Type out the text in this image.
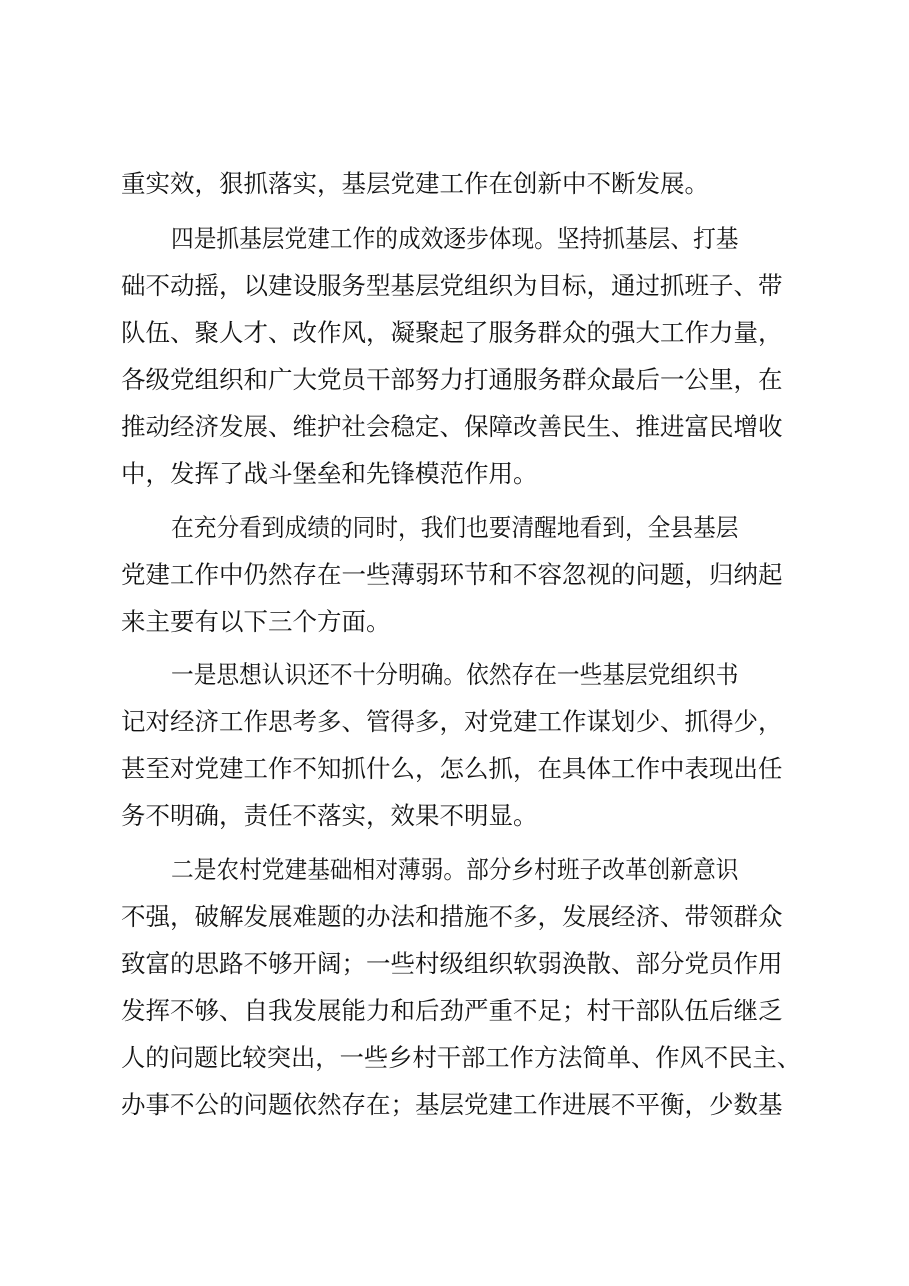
重实效，狠抓落实，基层党建工作在创新中不断发展。
四是抓基层党建工作的成效逐步体现。坚持抓基层、打基
础不动摇，以建设服务型基层党组织为目标，通过抓班子、带
队伍、聚人才、改作风，凝聚起了服务群众的强大工作力量，
各级党组织和广大党员干部努力打通服务群众最后一公里，在
推动经济发展、维护社会稳定、保障改善民生、推进富民增收
中，发挥了战斗堡垒和先锋模范作用。
在充分看到成绩的同时，我们也要清醒地看到，全县基层
党建工作中仍然存在一些薄弱环节和不容忽视的问题，归纳起
来主要有以下三个方面。
一是思想认识还不十分明确。依然存在一些基层党组织书
记对经济工作思考多、管得多，对党建工作谋划少、抓得少，
甚至对党建工作不知抓什么，怎么抓，在具体工作中表现出任
务不明确，责任不落实，效果不明显。
二是农村党建基础相对薄弱。部分乡村班子改革创新意识
不强，破解发展难题的办法和措施不多，发展经济、带领群众
致富的思路不够开阔；一些村级组织软弱涣散、部分党员作用
发挥不够、自我发展能力和后劲严重不足；村干部队伍后继乏
人的问题比较突出，一些乡村干部工作方法简单、作风不民主、
办事不公的问题依然存在；基层党建工作进展不平衡，少数基
